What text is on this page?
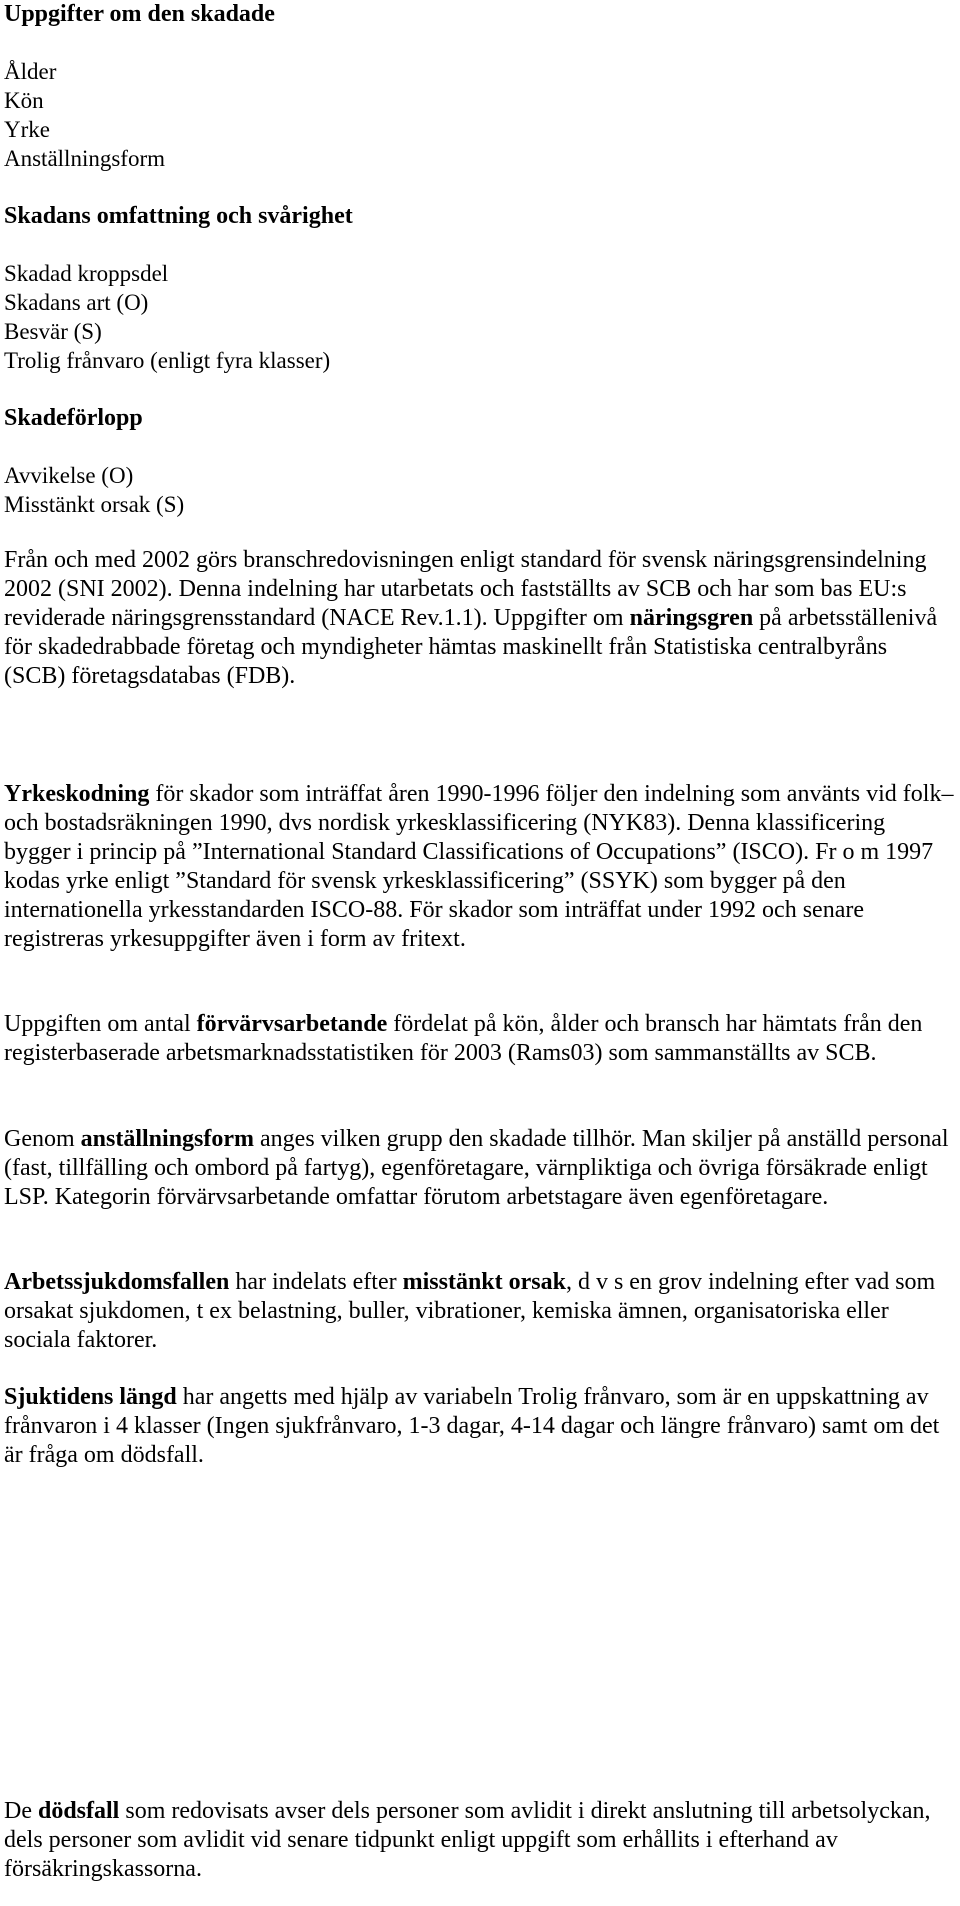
Uppgifter om den skadade

Ålder

Kön

Yrke

Anställningsform

Skadans omfattning och svårighet

Skadad kroppsdel

Skadans art (O)

Besvär (S)

Trolig frånvaro (enligt fyra klasser)

Skadeförlopp

Avvikelse (O)

Misstänkt orsak (S)

Från och med 2002 görs branschredovisningen enligt standard för svensk näringsgrensindelning 2002 (SNI 2002). Denna indelning har utarbetats och fastställts av SCB och har som bas EU:s reviderade näringsgrensstandard (NACE Rev.1.1). Uppgifter om näringsgren på arbetsställenivå för skadedrabbade företag och myndigheter hämtas maskinellt från Statistiska centralbyråns (SCB) företagsdatabas (FDB).

Yrkeskodning för skador som inträffat åren 1990-1996 följer den indelning som använts vid folk– och bostadsräkningen 1990, dvs nordisk yrkesklassificering (NYK83). Denna klassificering bygger i princip på ”International Standard Classifications of Occupations” (ISCO). Fr o m 1997 kodas yrke enligt ”Standard för svensk yrkesklassificering” (SSYK) som bygger på den internationella yrkesstandarden ISCO-88. För skador som inträffat under 1992 och senare registreras yrkesuppgifter även i form av fritext.

Uppgiften om antal förvärvsarbetande fördelat på kön, ålder och bransch har hämtats från den registerbaserade arbetsmarknadsstatistiken för 2003 (Rams03) som sammanställts av SCB.

Genom anställningsform anges vilken grupp den skadade tillhör. Man skiljer på anställd personal (fast, tillfälling och ombord på fartyg), egenföretagare, värnpliktiga och övriga försäkrade enligt LSP. Kategorin förvärvsarbetande omfattar förutom arbetstagare även egenföretagare.

Arbetssjukdomsfallen har indelats efter misstänkt orsak, d v s en grov indelning efter vad som orsakat sjukdomen, t ex belastning, buller, vibrationer, kemiska ämnen, organisatoriska eller sociala faktorer.

Sjuktidens längd har angetts med hjälp av variabeln Trolig frånvaro, som är en uppskattning av frånvaron i 4 klasser (Ingen sjukfrånvaro, 1-3 dagar, 4-14 dagar och längre frånvaro) samt om det är fråga om dödsfall.

De dödsfall som redovisats avser dels personer som avlidit i direkt anslutning till arbetsolyckan, dels personer som avlidit vid senare tidpunkt enligt uppgift som erhållits i efterhand av försäkringskassorna.
